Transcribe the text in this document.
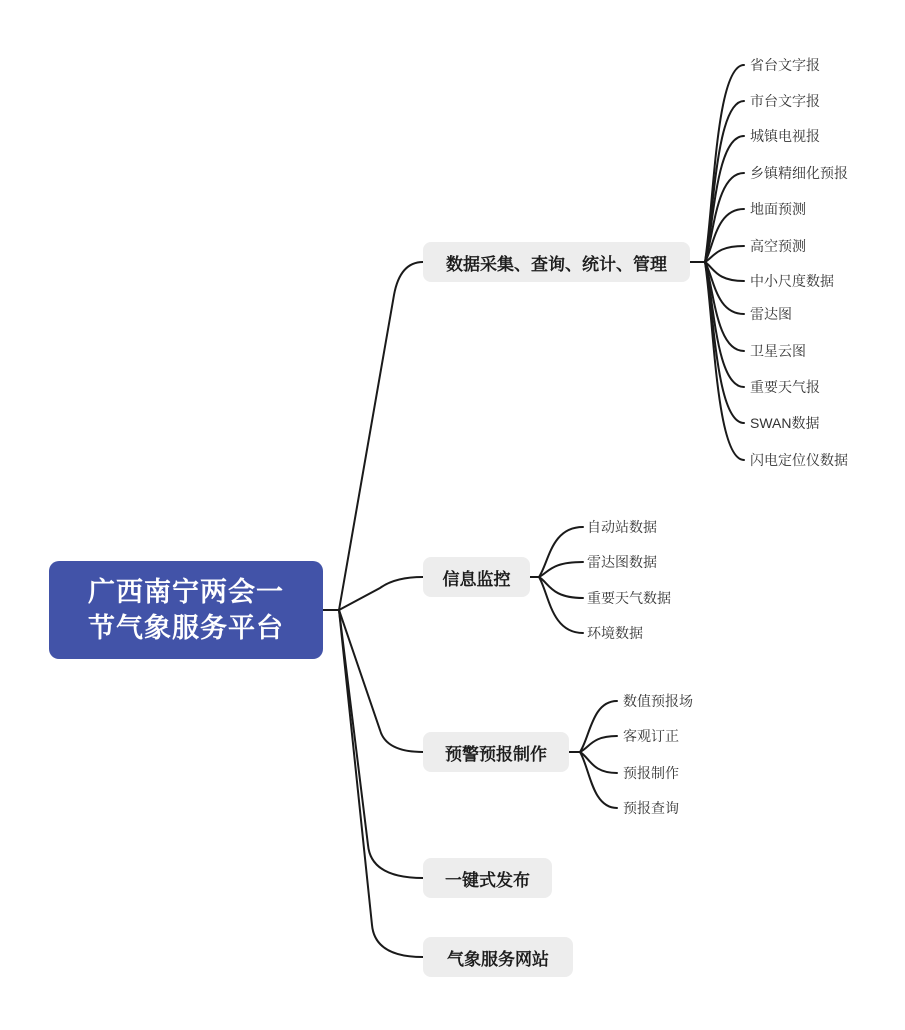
广西南宁两会一
节气象服务平台
数据采集、查询、统计、管理
信息监控
预警预报制作
一键式发布
气象服务网站
省台文字报
市台文字报
城镇电视报
乡镇精细化预报
地面预测
高空预测
中小尺度数据
雷达图
卫星云图
重要天气报
SWAN数据
闪电定位仪数据
自动站数据
雷达图数据
重要天气数据
环境数据
数值预报场
客观订正
预报制作
预报查询
